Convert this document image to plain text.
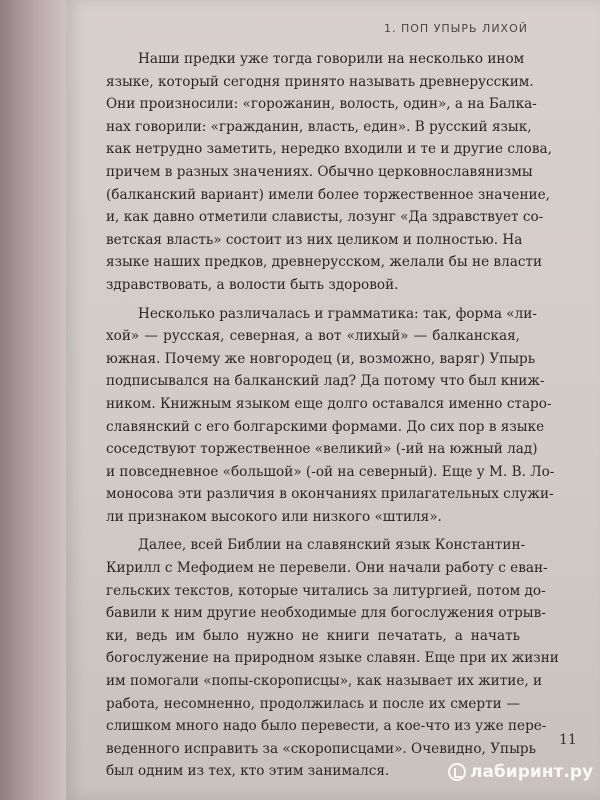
1. ПОП УПЫРЬ ЛИХОЙ
Наши предки уже тогда говорили на несколько ином
языке, который сегодня принято называть древнерусским.
Они произносили: «горожанин, волость, один», а на Балка-
нах говорили: «гражданин, власть, един». В русский язык,
как нетрудно заметить, нередко входили и те и другие слова,
причем в разных значениях. Обычно церковнославянизмы
(балканский вариант) имели более торжественное значение,
и, как давно отметили слависты, лозунг «Да здравствует со-
ветская власть» состоит из них целиком и полностью. На
языке наших предков, древнерусском, желали бы не власти
здравствовать, а волости быть здоровой.
Несколько различалась и грамматика: так, форма «ли-
хой» — русская, северная, а вот «лихый» — балканская,
южная. Почему же новгородец (и, возможно, варяг) Упырь
подписывался на балканский лад? Да потому что был книж-
ником. Книжным языком еще долго оставался именно старо-
славянский с его болгарскими формами. До сих пор в языке
соседствуют торжественное «великий» (-ий на южный лад)
и повседневное «большой» (-ой на северный). Еще у М. В. Ло-
моносова эти различия в окончаниях прилагательных служи-
ли признаком высокого или низкого «штиля».
Далее, всей Библии на славянский язык Константин-
Кирилл с Мефодием не перевели. Они начали работу с еван-
гельских текстов, которые читались за литургией, потом до-
бавили к ним другие необходимые для богослужения отрыв-
ки, ведь им было нужно не книги печатать, а начать
богослужение на природном языке славян. Еще при их жизни
им помогали «попы-скорописцы», как называет их житие, и
работа, несомненно, продолжилась и после их смерти —
слишком много надо было перевести, а кое-что из уже пере-
веденного исправить за «скорописцами». Очевидно, Упырь
был одним из тех, кто этим занимался.
11
лабиринт.ру
